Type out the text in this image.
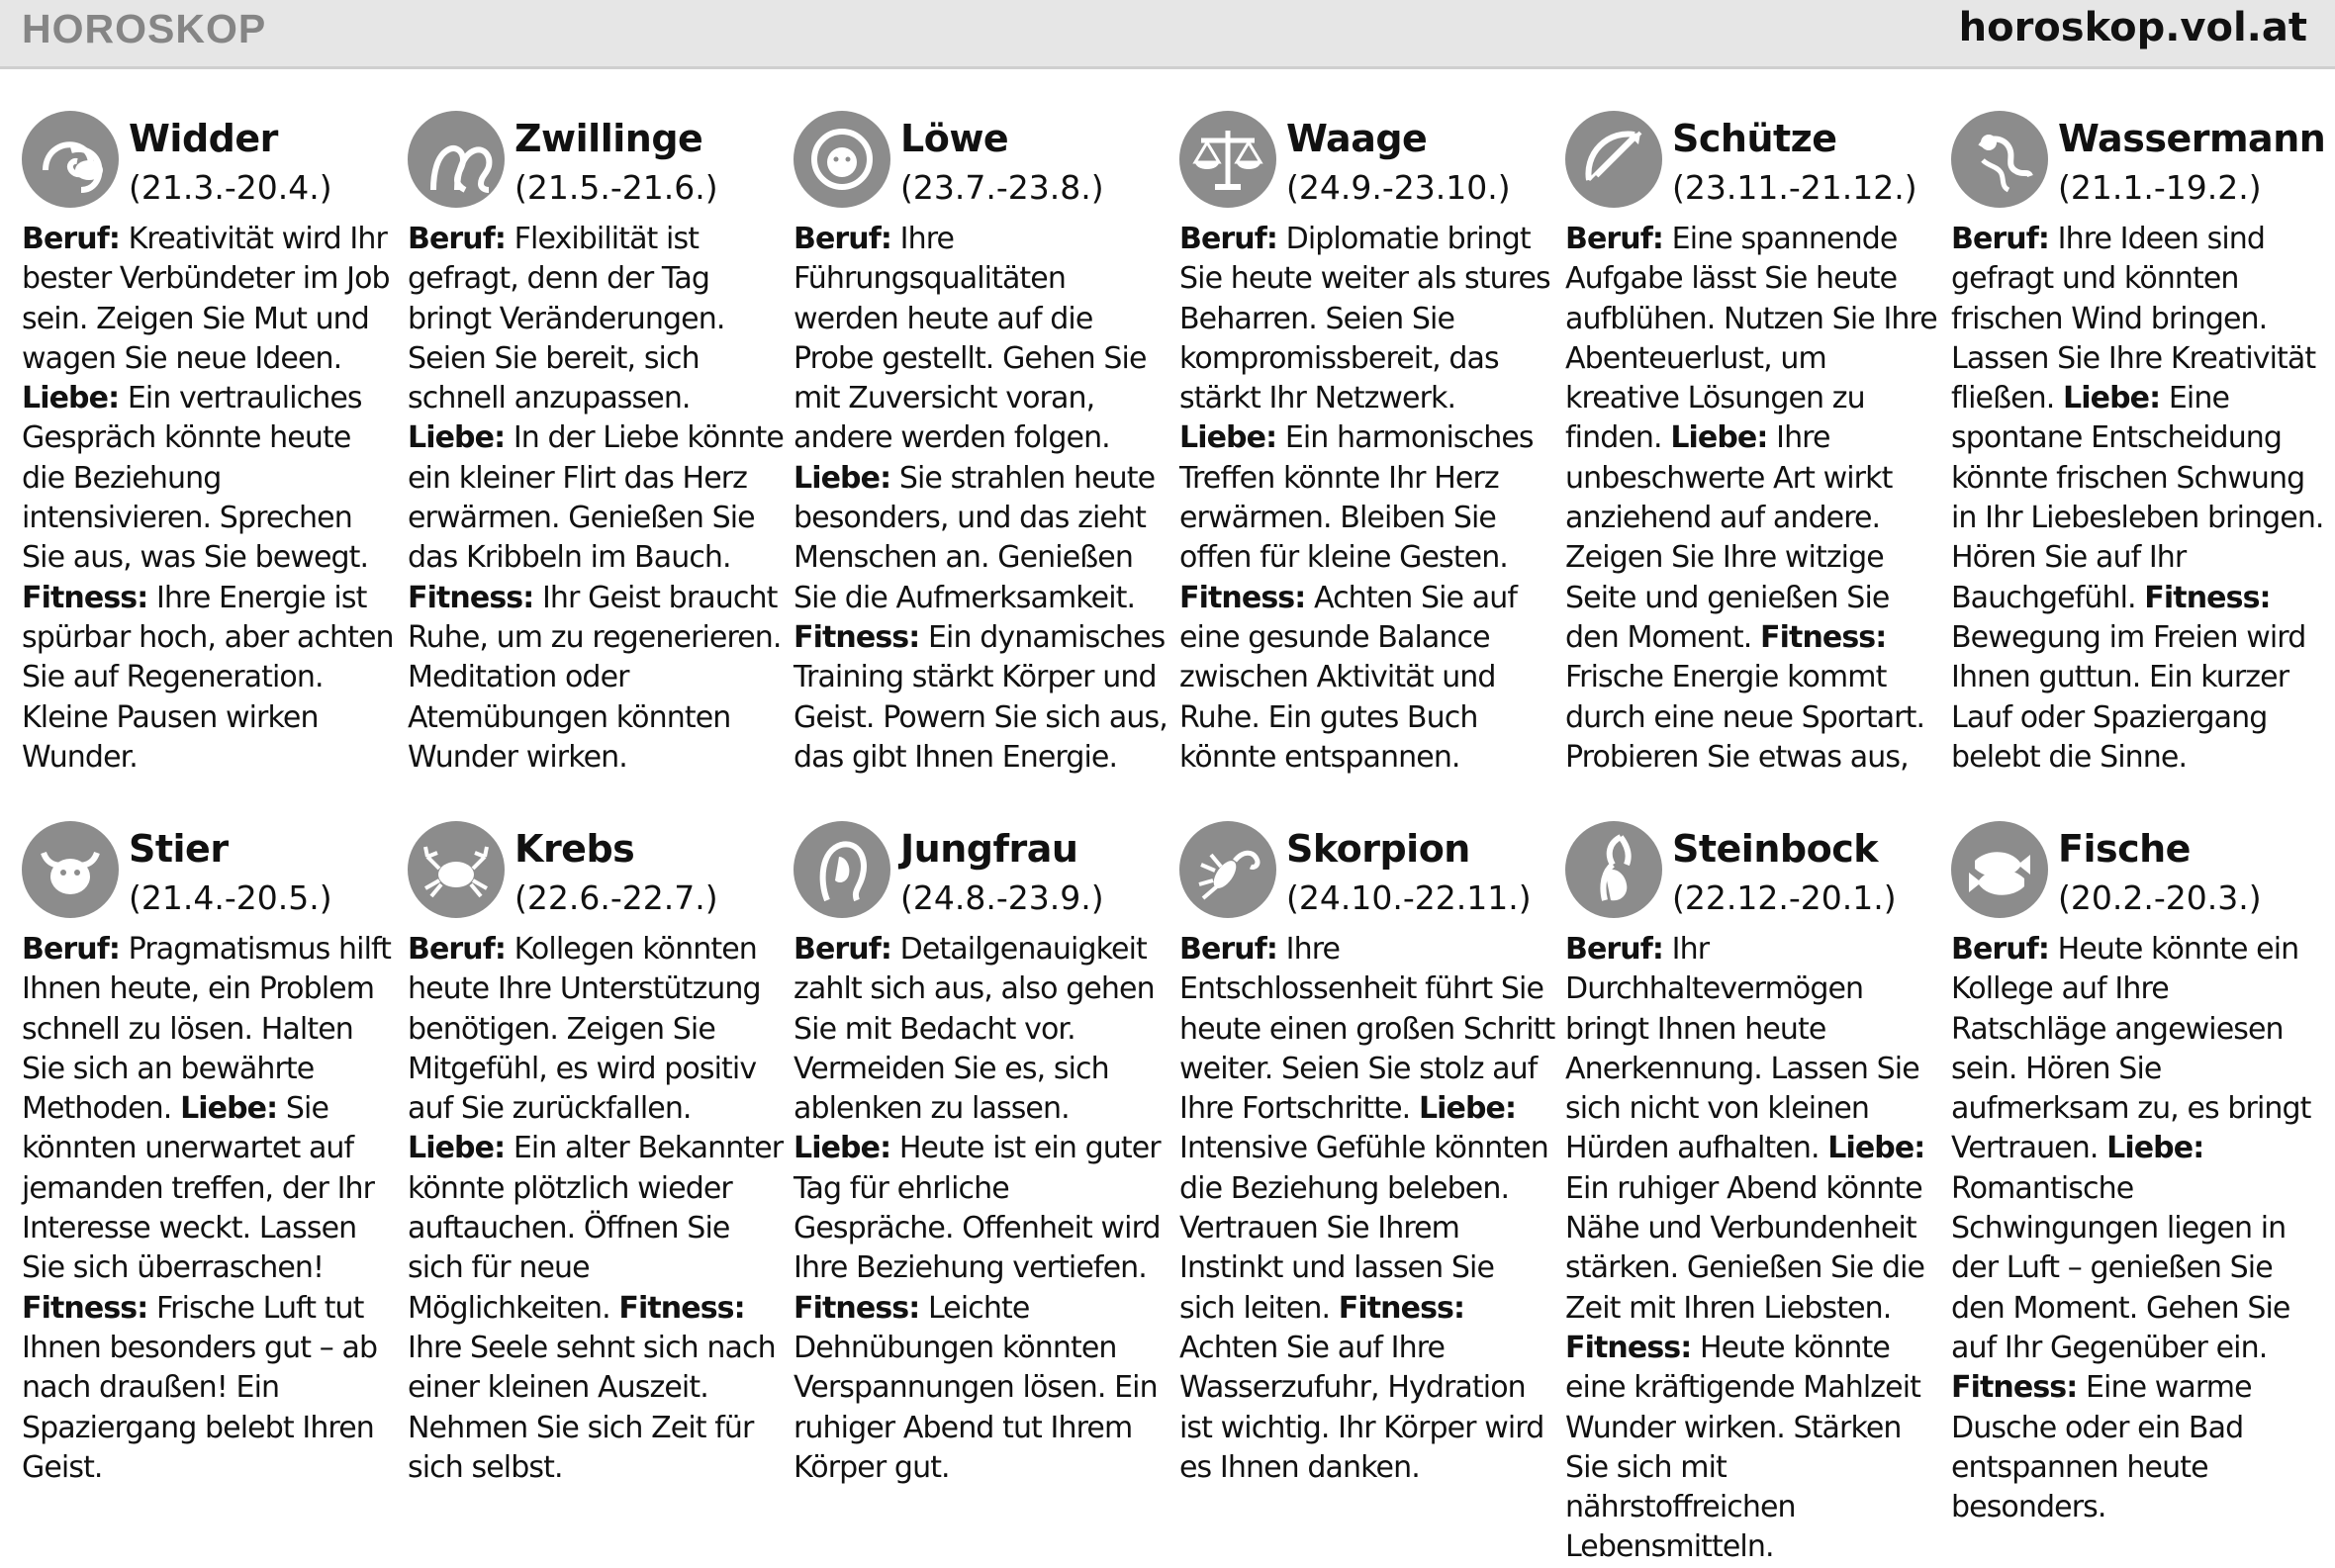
HOROSKOP	horoskop.vol.at
Widder
(21.3.-20.4.)
Beruf: Kreativität wird Ihr bester Verbündeter im Job sein. Zeigen Sie Mut und wagen Sie neue Ideen. Liebe: Ein vertrauliches Gespräch könnte heute die Beziehung intensivieren. Sprechen Sie aus, was Sie bewegt. Fitness: Ihre Energie ist spürbar hoch, aber achten Sie auf Regeneration. Kleine Pausen wirken Wunder.
Zwillinge
(21.5.-21.6.)
Beruf: Flexibilität ist gefragt, denn der Tag bringt Veränderungen. Seien Sie bereit, sich schnell anzupassen. Liebe: In der Liebe könnte ein kleiner Flirt das Herz erwärmen. Genießen Sie das Kribbeln im Bauch. Fitness: Ihr Geist braucht Ruhe, um zu regenerieren. Meditation oder Atemübungen könnten Wunder wirken.
Löwe
(23.7.-23.8.)
Beruf: Ihre Führungsqualitäten werden heute auf die Probe gestellt. Gehen Sie mit Zuversicht voran, andere werden folgen. Liebe: Sie strahlen heute besonders, und das zieht Menschen an. Genießen Sie die Aufmerksamkeit. Fitness: Ein dynamisches Training stärkt Körper und Geist. Powern Sie sich aus, das gibt Ihnen Energie.
Waage
(24.9.-23.10.)
Beruf: Diplomatie bringt Sie heute weiter als stures Beharren. Seien Sie kompromissbereit, das stärkt Ihr Netzwerk. Liebe: Ein harmonisches Treffen könnte Ihr Herz erwärmen. Bleiben Sie offen für kleine Gesten. Fitness: Achten Sie auf eine gesunde Balance zwischen Aktivität und Ruhe. Ein gutes Buch könnte entspannen.
Schütze
(23.11.-21.12.)
Beruf: Eine spannende Aufgabe lässt Sie heute aufblühen. Nutzen Sie Ihre Abenteuerlust, um kreative Lösungen zu finden. Liebe: Ihre unbeschwerte Art wirkt anziehend auf andere. Zeigen Sie Ihre witzige Seite und genießen Sie den Moment. Fitness: Frische Energie kommt durch eine neue Sportart. Probieren Sie etwas aus,
Wassermann
(21.1.-19.2.)
Beruf: Ihre Ideen sind gefragt und könnten frischen Wind bringen. Lassen Sie Ihre Kreativität fließen. Liebe: Eine spontane Entscheidung könnte frischen Schwung in Ihr Liebesleben bringen. Hören Sie auf Ihr Bauchgefühl. Fitness: Bewegung im Freien wird Ihnen guttun. Ein kurzer Lauf oder Spaziergang belebt die Sinne.
Stier
(21.4.-20.5.)
Beruf: Pragmatismus hilft Ihnen heute, ein Problem schnell zu lösen. Halten Sie sich an bewährte Methoden. Liebe: Sie könnten unerwartet auf jemanden treffen, der Ihr Interesse weckt. Lassen Sie sich überraschen! Fitness: Frische Luft tut Ihnen besonders gut – ab nach draußen! Ein Spaziergang belebt Ihren Geist.
Krebs
(22.6.-22.7.)
Beruf: Kollegen könnten heute Ihre Unterstützung benötigen. Zeigen Sie Mitgefühl, es wird positiv auf Sie zurückfallen. Liebe: Ein alter Bekannter könnte plötzlich wieder auftauchen. Öffnen Sie sich für neue Möglichkeiten. Fitness: Ihre Seele sehnt sich nach einer kleinen Auszeit. Nehmen Sie sich Zeit für sich selbst.
Jungfrau
(24.8.-23.9.)
Beruf: Detailgenauigkeit zahlt sich aus, also gehen Sie mit Bedacht vor. Vermeiden Sie es, sich ablenken zu lassen. Liebe: Heute ist ein guter Tag für ehrliche Gespräche. Offenheit wird Ihre Beziehung vertiefen. Fitness: Leichte Dehnübungen könnten Verspannungen lösen. Ein ruhiger Abend tut Ihrem Körper gut.
Skorpion
(24.10.-22.11.)
Beruf: Ihre Entschlossenheit führt Sie heute einen großen Schritt weiter. Seien Sie stolz auf Ihre Fortschritte. Liebe: Intensive Gefühle könnten die Beziehung beleben. Vertrauen Sie Ihrem Instinkt und lassen Sie sich leiten. Fitness: Achten Sie auf Ihre Wasserzufuhr, Hydration ist wichtig. Ihr Körper wird es Ihnen danken.
Steinbock
(22.12.-20.1.)
Beruf: Ihr Durchhaltevermögen bringt Ihnen heute Anerkennung. Lassen Sie sich nicht von kleinen Hürden aufhalten. Liebe: Ein ruhiger Abend könnte Nähe und Verbundenheit stärken. Genießen Sie die Zeit mit Ihren Liebsten. Fitness: Heute könnte eine kräftigende Mahlzeit Wunder wirken. Stärken Sie sich mit nährstoffreichen Lebensmitteln.
Fische
(20.2.-20.3.)
Beruf: Heute könnte ein Kollege auf Ihre Ratschläge angewiesen sein. Hören Sie aufmerksam zu, es bringt Vertrauen. Liebe: Romantische Schwingungen liegen in der Luft – genießen Sie den Moment. Gehen Sie auf Ihr Gegenüber ein. Fitness: Eine warme Dusche oder ein Bad entspannen heute besonders.
